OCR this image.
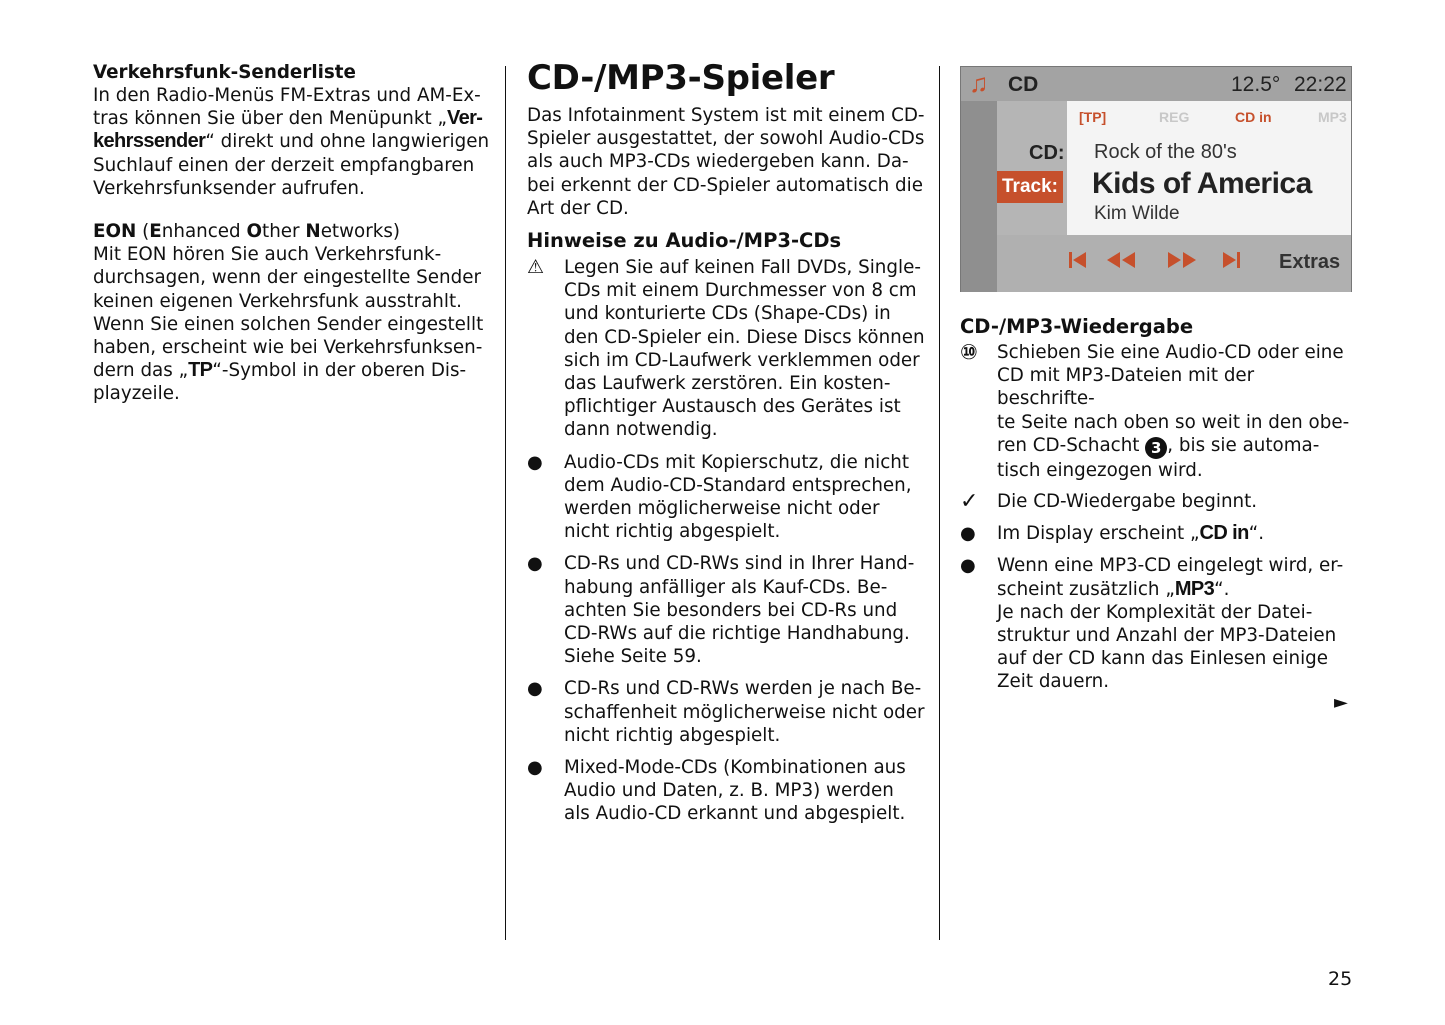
Verkehrsfunk-Senderliste

In den Radio-Menüs FM-Extras und AM-Ex-
tras können Sie über den Menüpunkt „Ver-
kehrssender“ direkt und ohne langwierigen
Suchlauf einen der derzeit empfangbaren
Verkehrsfunksender aufrufen.

EON (Enhanced Other Networks)

Mit EON hören Sie auch Verkehrsfunk-
durchsagen, wenn der eingestellte Sender
keinen eigenen Verkehrsfunk ausstrahlt.
Wenn Sie einen solchen Sender eingestellt
haben, erscheint wie bei Verkehrsfunksen-
dern das „TP“-Symbol in der oberen Dis-
playzeile.

CD-/MP3-Spieler

Das Infotainment System ist mit einem CD-
Spieler ausgestattet, der sowohl Audio-CDs
als auch MP3-CDs wiedergeben kann. Da-
bei erkennt der CD-Spieler automatisch die
Art der CD.

Hinweise zu Audio-/MP3-CDs
⚠	Legen Sie auf keinen Fall DVDs, Single-
CDs mit einem Durchmesser von 8 cm
und konturierte CDs (Shape-CDs) in
den CD-Spieler ein. Diese Discs können
sich im CD-Laufwerk verklemmen oder
das Laufwerk zerstören. Ein kosten-
pflichtiger Austausch des Gerätes ist
dann notwendig.
●	Audio-CDs mit Kopierschutz, die nicht
dem Audio-CD-Standard entsprechen,
werden möglicherweise nicht oder
nicht richtig abgespielt.
●	CD-Rs und CD-RWs sind in Ihrer Hand-
habung anfälliger als Kauf-CDs. Be-
achten Sie besonders bei CD-Rs und
CD-RWs auf die richtige Handhabung.
Siehe Seite 59.
●	CD-Rs und CD-RWs werden je nach Be-
schaffenheit möglicherweise nicht oder
nicht richtig abgespielt.
●	Mixed-Mode-CDs (Kombinationen aus
Audio und Daten, z. B. MP3) werden
als Audio-CD erkannt und abgespielt.
♫ CD	12.5° 22:22
[TP]	REG	CD in	MP3
CD:
Track:
Rock of the 80's
Kids of America
Kim Wilde
Extras
CD-/MP3-Wiedergabe
⑩	Schieben Sie eine Audio-CD oder eine
CD mit MP3-Dateien mit der beschrifte-
te Seite nach oben so weit in den obe-
ren CD-Schacht 3 , bis sie automa-
tisch eingezogen wird.
✓	Die CD-Wiedergabe beginnt.
●	Im Display erscheint „CD in“.
●	Wenn eine MP3-CD eingelegt wird, er-
scheint zusätzlich „MP3“.
Je nach der Komplexität der Datei-
struktur und Anzahl der MP3-Dateien
auf der CD kann das Einlesen einige
Zeit dauern.
►
25
